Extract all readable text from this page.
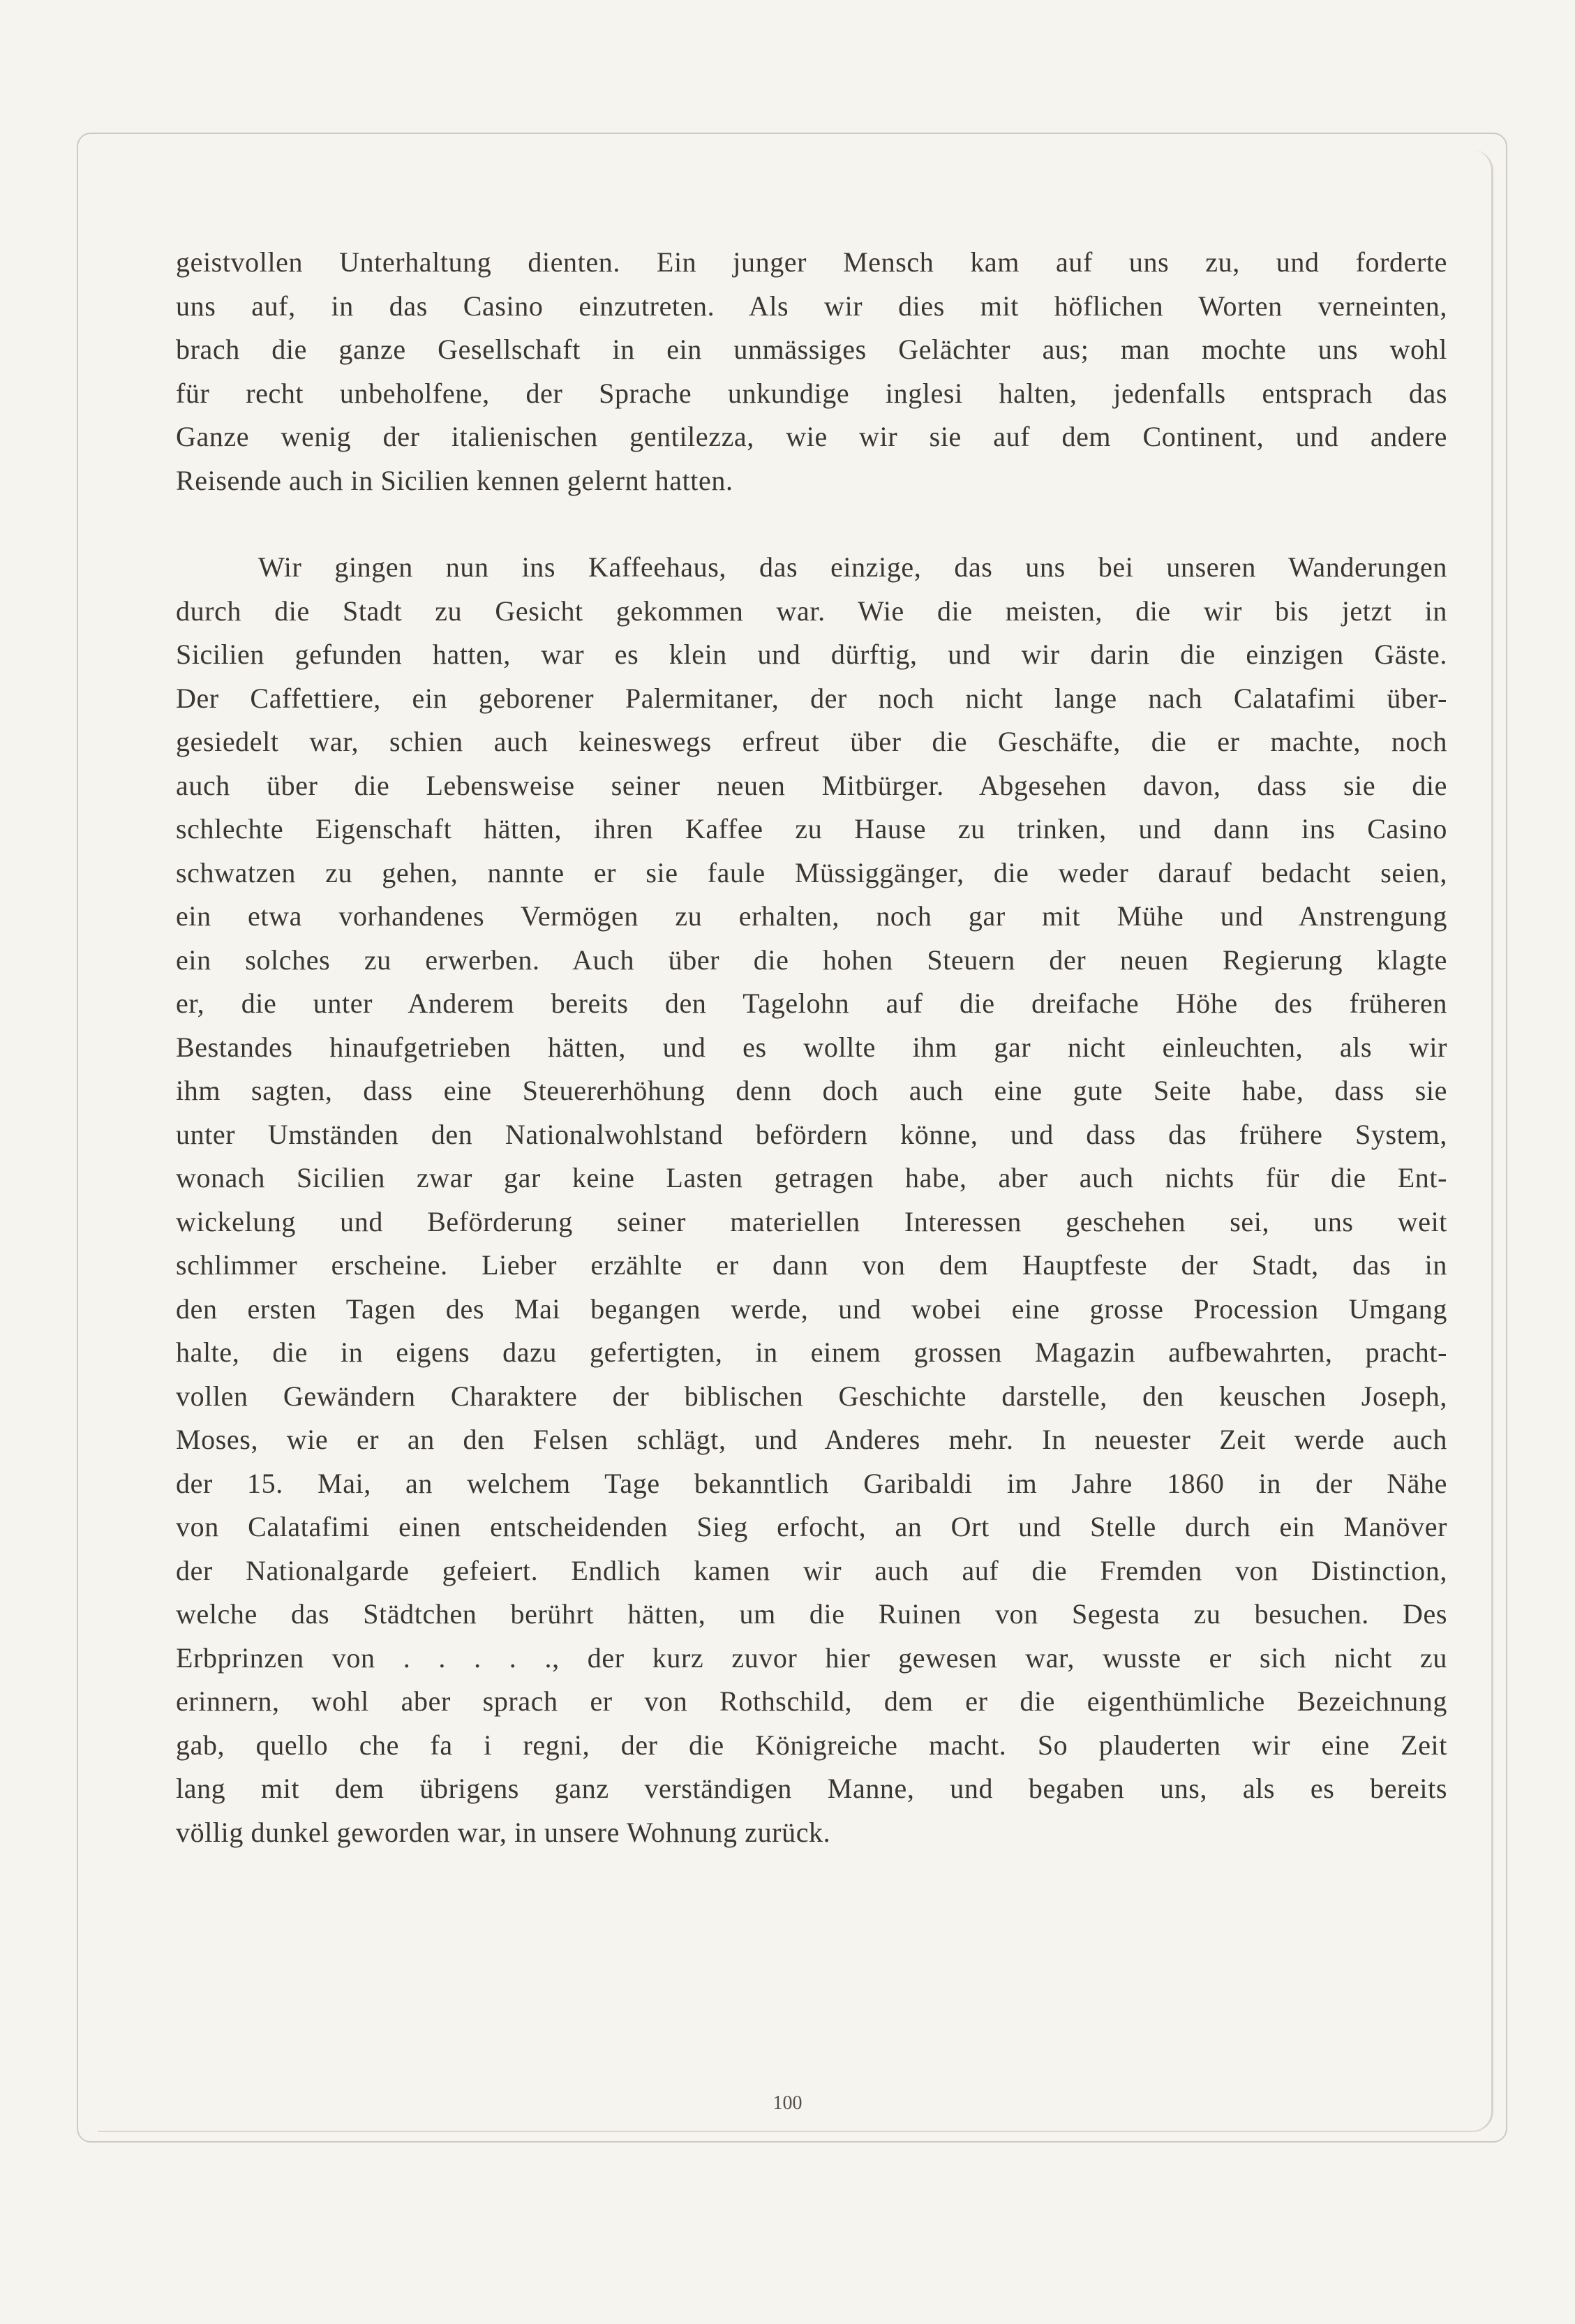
geistvollen Unterhaltung dienten. Ein junger Mensch kam auf uns zu, und forderte
uns auf, in das Casino einzutreten. Als wir dies mit höflichen Worten verneinten,
brach die ganze Gesellschaft in ein unmässiges Gelächter aus; man mochte uns wohl
für recht unbeholfene, der Sprache unkundige inglesi halten, jedenfalls entsprach das
Ganze wenig der italienischen gentilezza, wie wir sie auf dem Continent, und andere
Reisende auch in Sicilien kennen gelernt hatten.
Wir gingen nun ins Kaffeehaus, das einzige, das uns bei unseren Wanderungen
durch die Stadt zu Gesicht gekommen war. Wie die meisten, die wir bis jetzt in
Sicilien gefunden hatten, war es klein und dürftig, und wir darin die einzigen Gäste.
Der Caffettiere, ein geborener Palermitaner, der noch nicht lange nach Calatafimi über-
gesiedelt war, schien auch keineswegs erfreut über die Geschäfte, die er machte, noch
auch über die Lebensweise seiner neuen Mitbürger. Abgesehen davon, dass sie die
schlechte Eigenschaft hätten, ihren Kaffee zu Hause zu trinken, und dann ins Casino
schwatzen zu gehen, nannte er sie faule Müssiggänger, die weder darauf bedacht seien,
ein etwa vorhandenes Vermögen zu erhalten, noch gar mit Mühe und Anstrengung
ein solches zu erwerben. Auch über die hohen Steuern der neuen Regierung klagte
er, die unter Anderem bereits den Tagelohn auf die dreifache Höhe des früheren
Bestandes hinaufgetrieben hätten, und es wollte ihm gar nicht einleuchten, als wir
ihm sagten, dass eine Steuererhöhung denn doch auch eine gute Seite habe, dass sie
unter Umständen den Nationalwohlstand befördern könne, und dass das frühere System,
wonach Sicilien zwar gar keine Lasten getragen habe, aber auch nichts für die Ent-
wickelung und Beförderung seiner materiellen Interessen geschehen sei, uns weit
schlimmer erscheine. Lieber erzählte er dann von dem Hauptfeste der Stadt, das in
den ersten Tagen des Mai begangen werde, und wobei eine grosse Procession Umgang
halte, die in eigens dazu gefertigten, in einem grossen Magazin aufbewahrten, pracht-
vollen Gewändern Charaktere der biblischen Geschichte darstelle, den keuschen Joseph,
Moses, wie er an den Felsen schlägt, und Anderes mehr. In neuester Zeit werde auch
der 15. Mai, an welchem Tage bekanntlich Garibaldi im Jahre 1860 in der Nähe
von Calatafimi einen entscheidenden Sieg erfocht, an Ort und Stelle durch ein Manöver
der Nationalgarde gefeiert. Endlich kamen wir auch auf die Fremden von Distinction,
welche das Städtchen berührt hätten, um die Ruinen von Segesta zu besuchen. Des
Erbprinzen von . . . . ., der kurz zuvor hier gewesen war, wusste er sich nicht zu
erinnern, wohl aber sprach er von Rothschild, dem er die eigenthümliche Bezeichnung
gab, quello che fa i regni, der die Königreiche macht. So plauderten wir eine Zeit
lang mit dem übrigens ganz verständigen Manne, und begaben uns, als es bereits
völlig dunkel geworden war, in unsere Wohnung zurück.
100
